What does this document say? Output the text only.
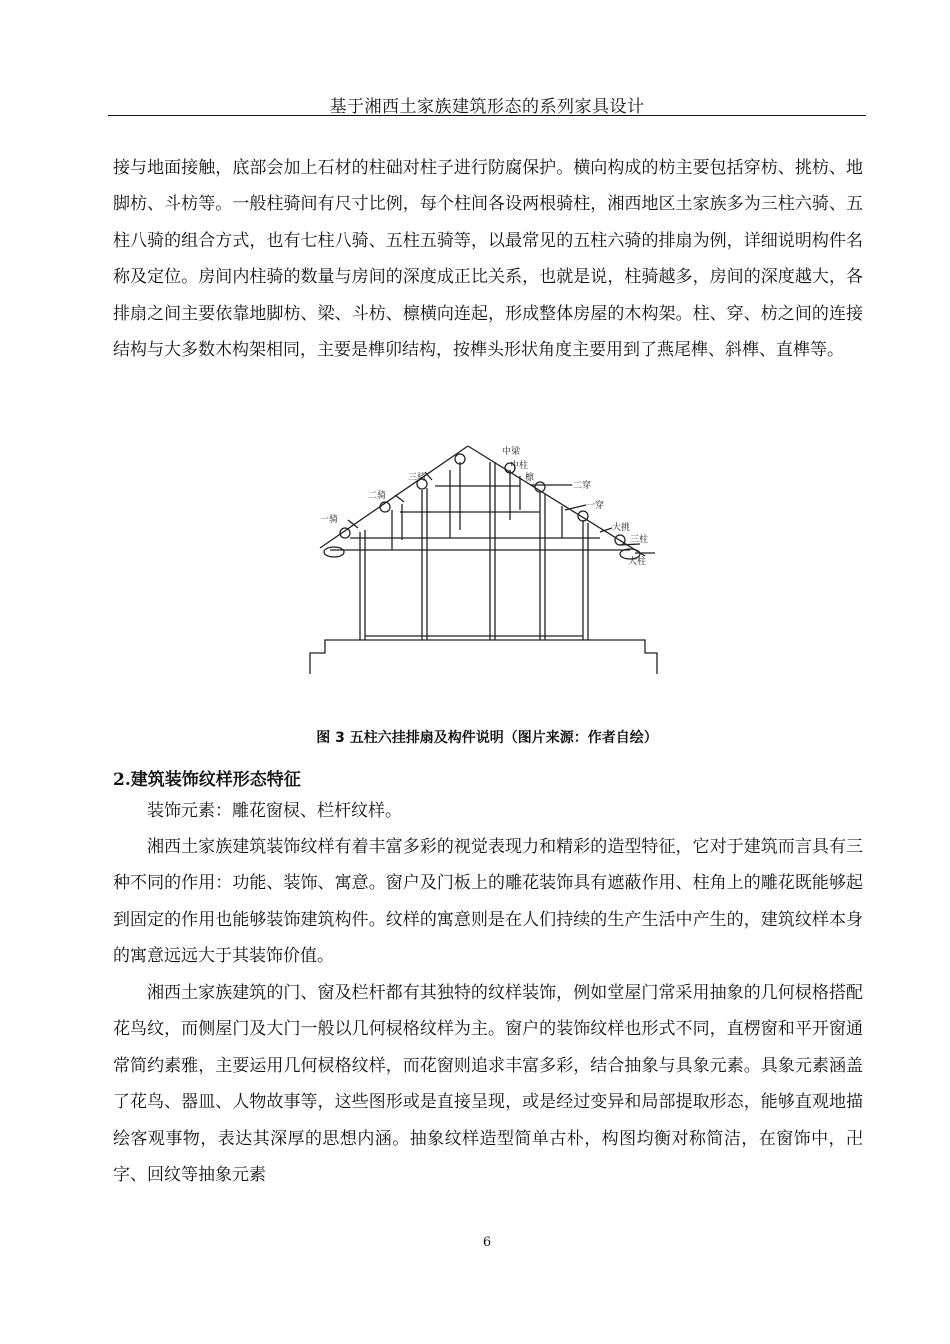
基于湘西土家族建筑形态的系列家具设计

接与地面接触，底部会加上石材的柱础对柱子进行防腐保护。横向构成的枋主要包括穿枋、挑枋、地脚枋、斗枋等。一般柱骑间有尺寸比例，每个柱间各设两根骑柱，湘西地区土家族多为三柱六骑、五柱八骑的组合方式，也有七柱八骑、五柱五骑等，以最常见的五柱六骑的排扇为例，详细说明构件名称及定位。房间内柱骑的数量与房间的深度成正比关系，也就是说，柱骑越多，房间的深度越大，各排扇之间主要依靠地脚枋、梁、斗枋、檩横向连起，形成整体房屋的木构架。柱、穿、枋之间的连接结构与大多数木构架相同，主要是榫卯结构，按榫头形状角度主要用到了燕尾榫、斜榫、直榫等。

三骑
二骑
一骑
中梁
中柱
二穿
檩
一穿
大挑
三柱
大柱
图 3 五柱六挂排扇及构件说明（图片来源：作者自绘）
2.建筑装饰纹样形态特征

装饰元素：雕花窗棂、栏杆纹样。

湘西土家族建筑装饰纹样有着丰富多彩的视觉表现力和精彩的造型特征，它对于建筑而言具有三种不同的作用：功能、装饰、寓意。窗户及门板上的雕花装饰具有遮蔽作用、柱角上的雕花既能够起到固定的作用也能够装饰建筑构件。纹样的寓意则是在人们持续的生产生活中产生的，建筑纹样本身的寓意远远大于其装饰价值。

湘西土家族建筑的门、窗及栏杆都有其独特的纹样装饰，例如堂屋门常采用抽象的几何棂格搭配花鸟纹，而侧屋门及大门一般以几何棂格纹样为主。窗户的装饰纹样也形式不同，直楞窗和平开窗通常简约素雅，主要运用几何棂格纹样，而花窗则追求丰富多彩，结合抽象与具象元素。具象元素涵盖了花鸟、器皿、人物故事等，这些图形或是直接呈现，或是经过变异和局部提取形态，能够直观地描绘客观事物，表达其深厚的思想内涵。抽象纹样造型简单古朴，构图均衡对称简洁，在窗饰中，卍字、回纹等抽象元素

6
